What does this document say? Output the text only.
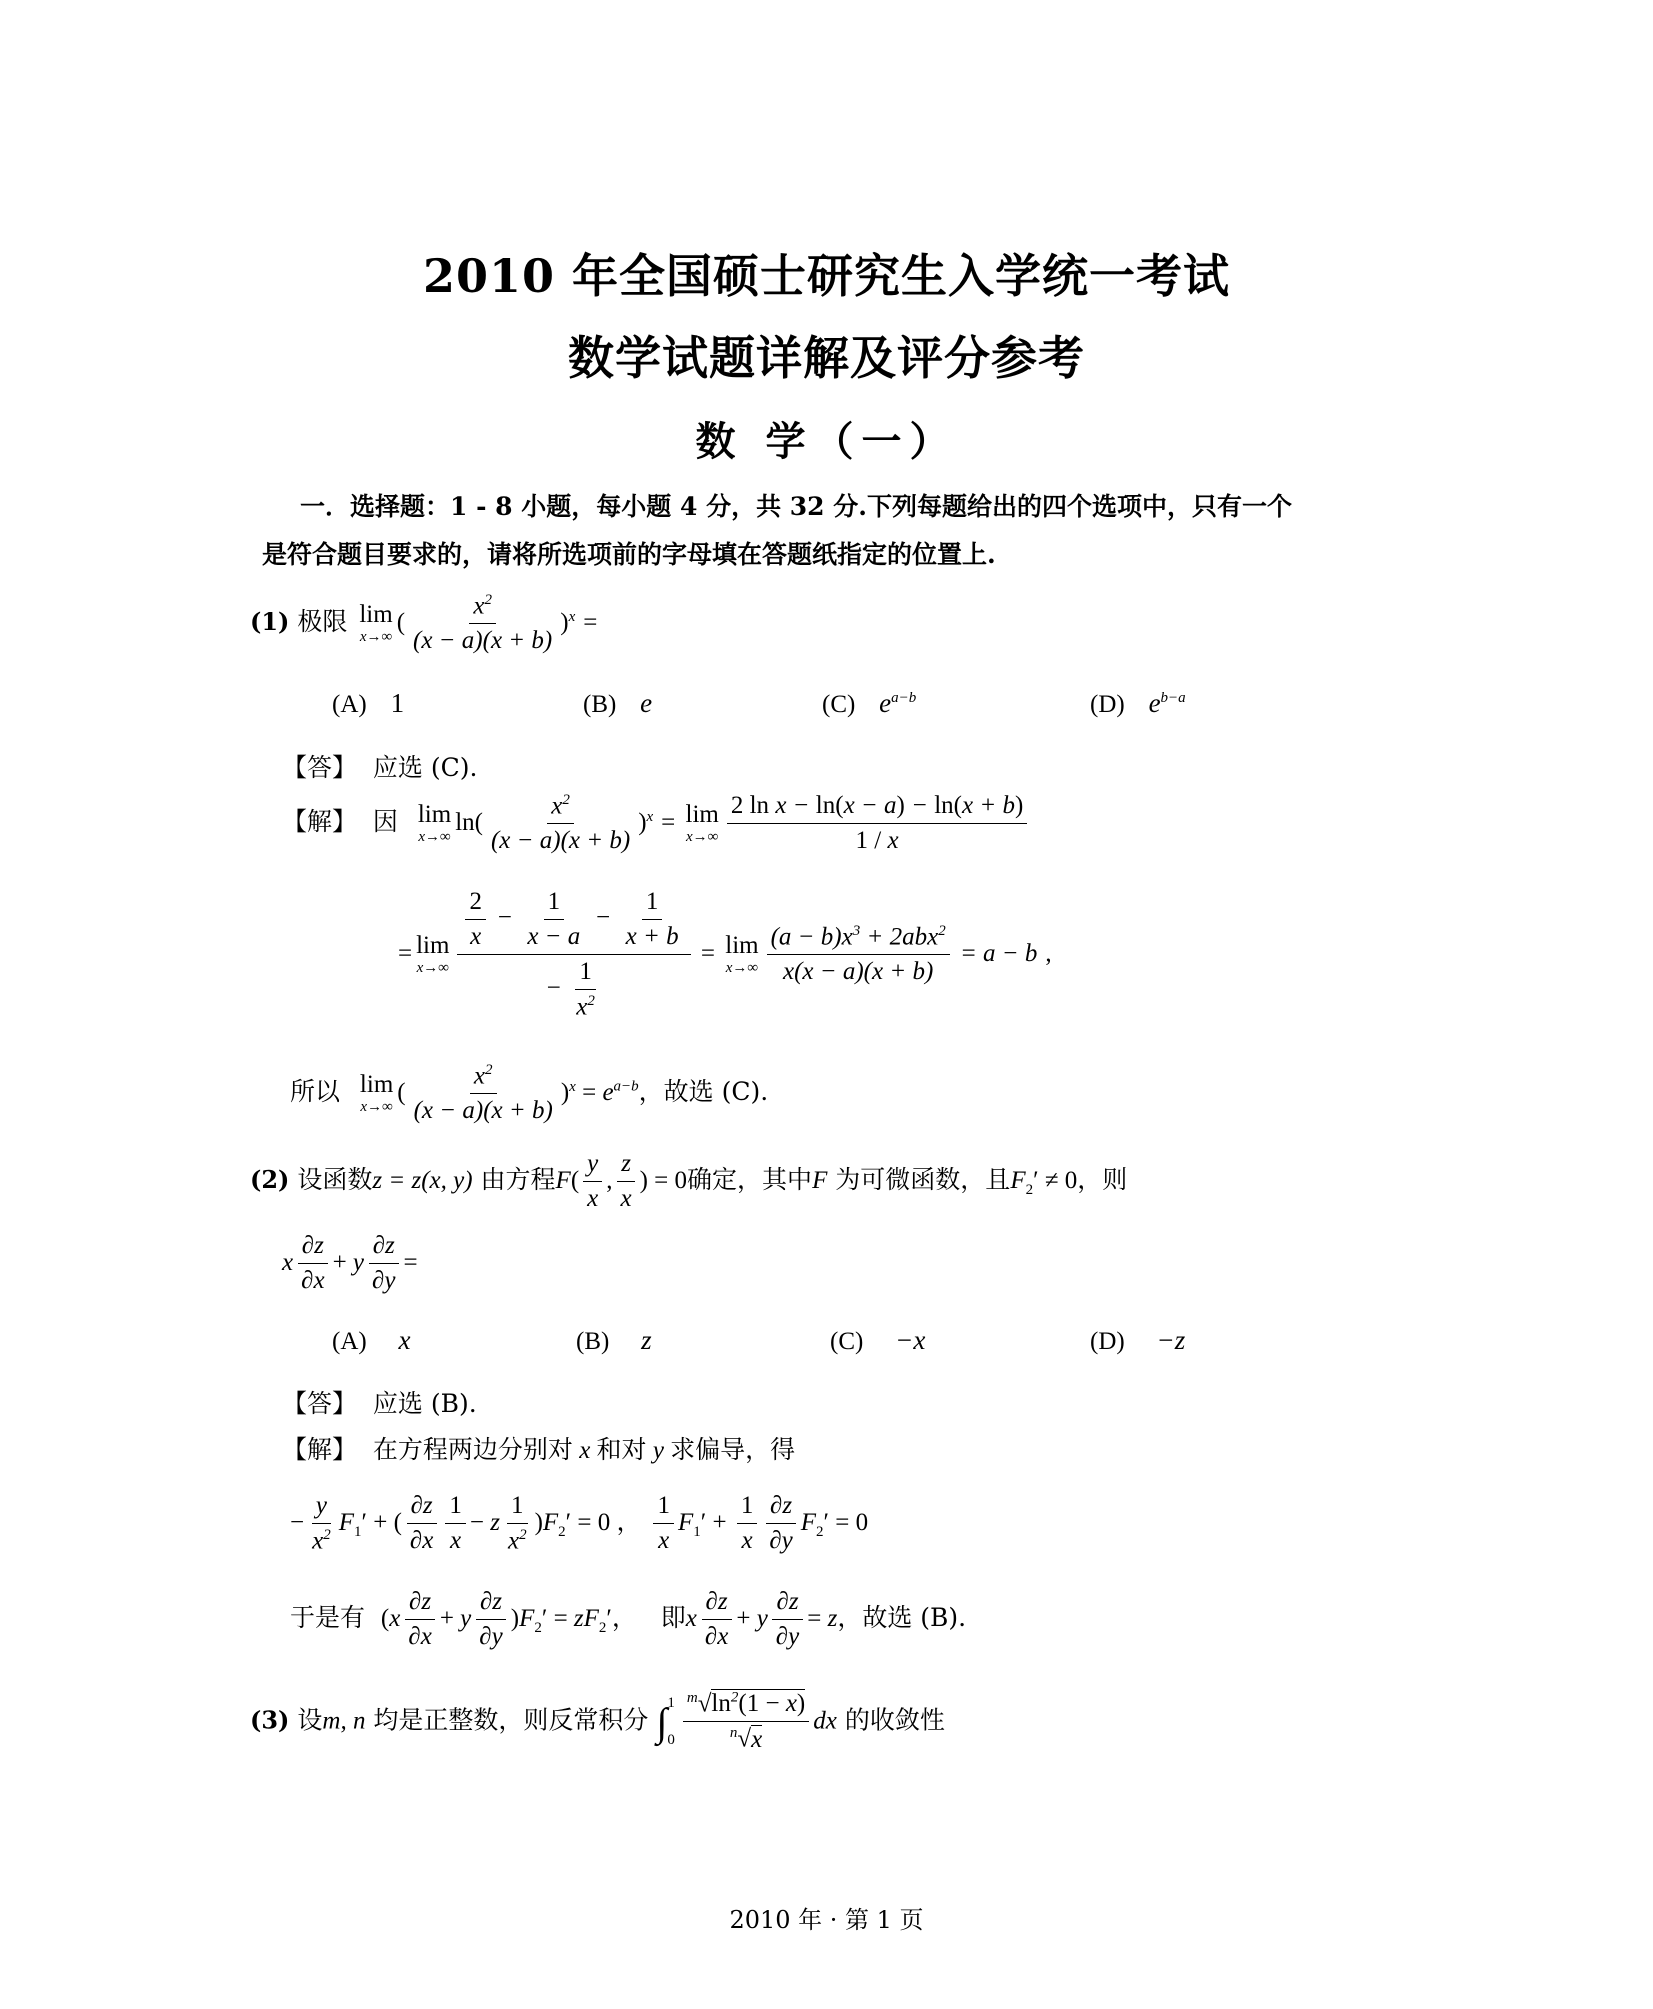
2010 年全国硕士研究生入学统一考试
数学试题详解及评分参考
数 学（一）
一．选择题：1 - 8 小题，每小题 4 分，共 32 分.下列每题给出的四个选项中，只有一个
是符合题目要求的，请将所选项前的字母填在答题纸指定的位置上.
(1) 极限 lim
x→∞
( $\frac{x^2}{(x - a)(x + b)} )^x$ =
(A) 1	(B) e	(C) $e^{a-b}$	(D) $e^{b-a}$
【答】 应选 (C).
【解】 因 lim
x→∞
$\ln( \frac{x^2}{(x - a)(x + b)} )^x = \lim$
$x\to\infty \frac{\text{2 ln x − ln(x − a) − ln(x + b)}}{1 / x}$
= lim
$x\to\infty \frac{\frac{2}{x} - \frac{1}{x - a} - \frac{1}{x + b}}{- \frac{1}{x^2}} = \lim$
$x\to\infty \frac{(a - b)x^3 + 2abx^2}{x(x - a)(x + b)} = a - b$ ,
所以 lim
x→∞
( $\frac{x^2}{(x - a)(x + b)} )^x = e^{a-b}$，故选 (C).
(2) 设函数z = z(x, y) 由方程$F( \frac{y}{x}$ , $\frac{z}{x}$ ) = 0确定，其中F 为可微函数，且$F_2' \ne 0$，则
x $\frac{\partial z}{\partial x} + y \frac{\partial z}{\partial y}$ =
(A) x	(B) z	(C) −x	(D) −z
【答】 应选 (B).
【解】 在方程两边分别对 x 和对 y 求偏导，得
− $\frac{y}{x^2} F_1'$ + ( $\frac{\partial z}{\partial x} \frac{1}{x} - z \frac{1}{x^2} )F_2' = 0$ ， $\frac{1}{x} F_1' + \frac{1}{x} \frac{\partial z}{\partial y} F_2' = 0$
于是有 $(x \frac{\partial z}{\partial x} + y \frac{\partial z}{\partial y} )F_2' = zF_2'$， 即x $\frac{\partial z}{\partial x} + y \frac{\partial z}{\partial y} = z$，故选 (B).
(3) 设m, n 均是正整数，则反常积分 ∫ 1
$0 \frac{^m√\ln^2(1 - x)}{^n√x}$ dx 的收敛性
2010 年 · 第 1 页
